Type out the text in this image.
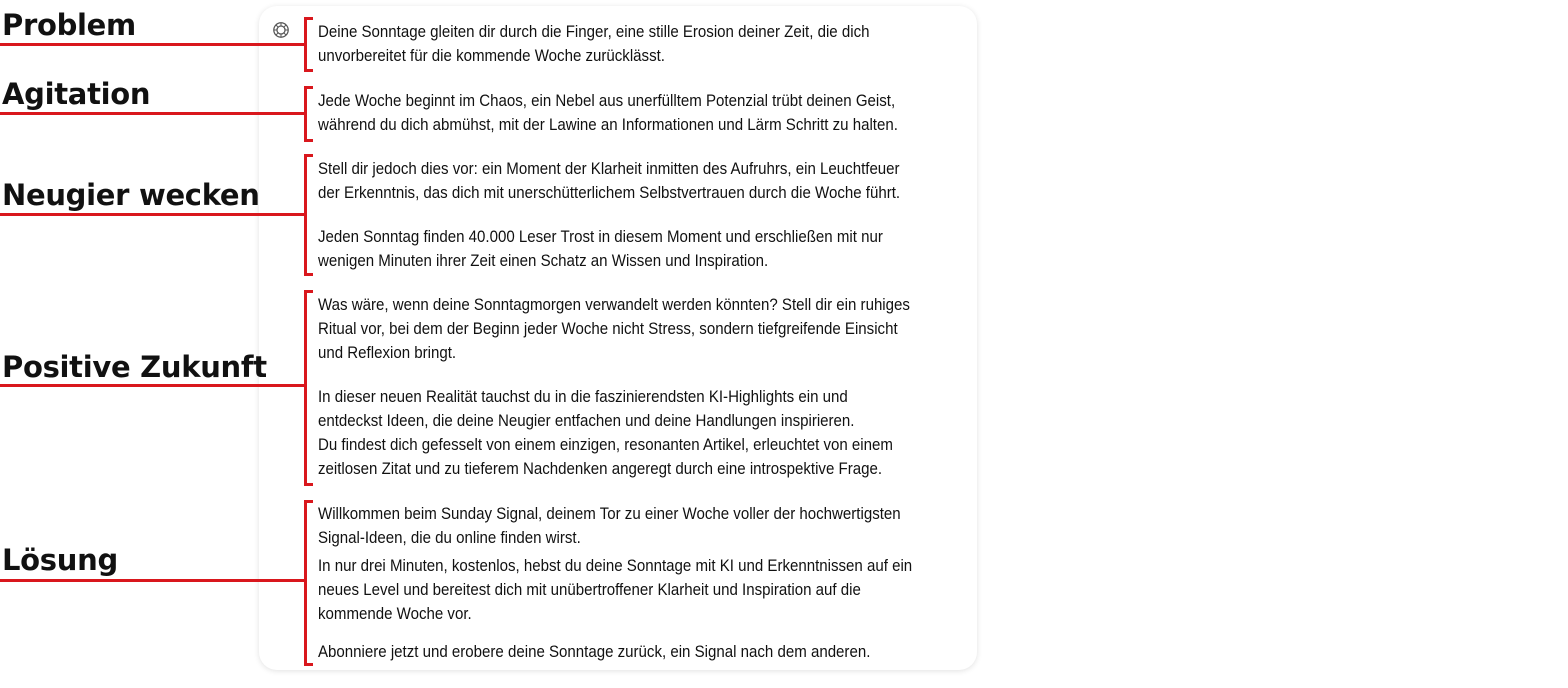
Problem
Agitation
Neugier wecken
Positive Zukunft
Lösung
Deine Sonntage gleiten dir durch die Finger, eine stille Erosion deiner Zeit, die dich
unvorbereitet für die kommende Woche zurücklässt.
Jede Woche beginnt im Chaos, ein Nebel aus unerfülltem Potenzial trübt deinen Geist,
während du dich abmühst, mit der Lawine an Informationen und Lärm Schritt zu halten.
Stell dir jedoch dies vor: ein Moment der Klarheit inmitten des Aufruhrs, ein Leuchtfeuer
der Erkenntnis, das dich mit unerschütterlichem Selbstvertrauen durch die Woche führt.
Jeden Sonntag finden 40.000 Leser Trost in diesem Moment und erschließen mit nur
wenigen Minuten ihrer Zeit einen Schatz an Wissen und Inspiration.
Was wäre, wenn deine Sonntagmorgen verwandelt werden könnten? Stell dir ein ruhiges
Ritual vor, bei dem der Beginn jeder Woche nicht Stress, sondern tiefgreifende Einsicht
und Reflexion bringt.
In dieser neuen Realität tauchst du in die faszinierendsten KI-Highlights ein und
entdeckst Ideen, die deine Neugier entfachen und deine Handlungen inspirieren.
Du findest dich gefesselt von einem einzigen, resonanten Artikel, erleuchtet von einem
zeitlosen Zitat und zu tieferem Nachdenken angeregt durch eine introspektive Frage.
Willkommen beim Sunday Signal, deinem Tor zu einer Woche voller der hochwertigsten
Signal-Ideen, die du online finden wirst.
In nur drei Minuten, kostenlos, hebst du deine Sonntage mit KI und Erkenntnissen auf ein
neues Level und bereitest dich mit unübertroffener Klarheit und Inspiration auf die
kommende Woche vor.
Abonniere jetzt und erobere deine Sonntage zurück, ein Signal nach dem anderen.
